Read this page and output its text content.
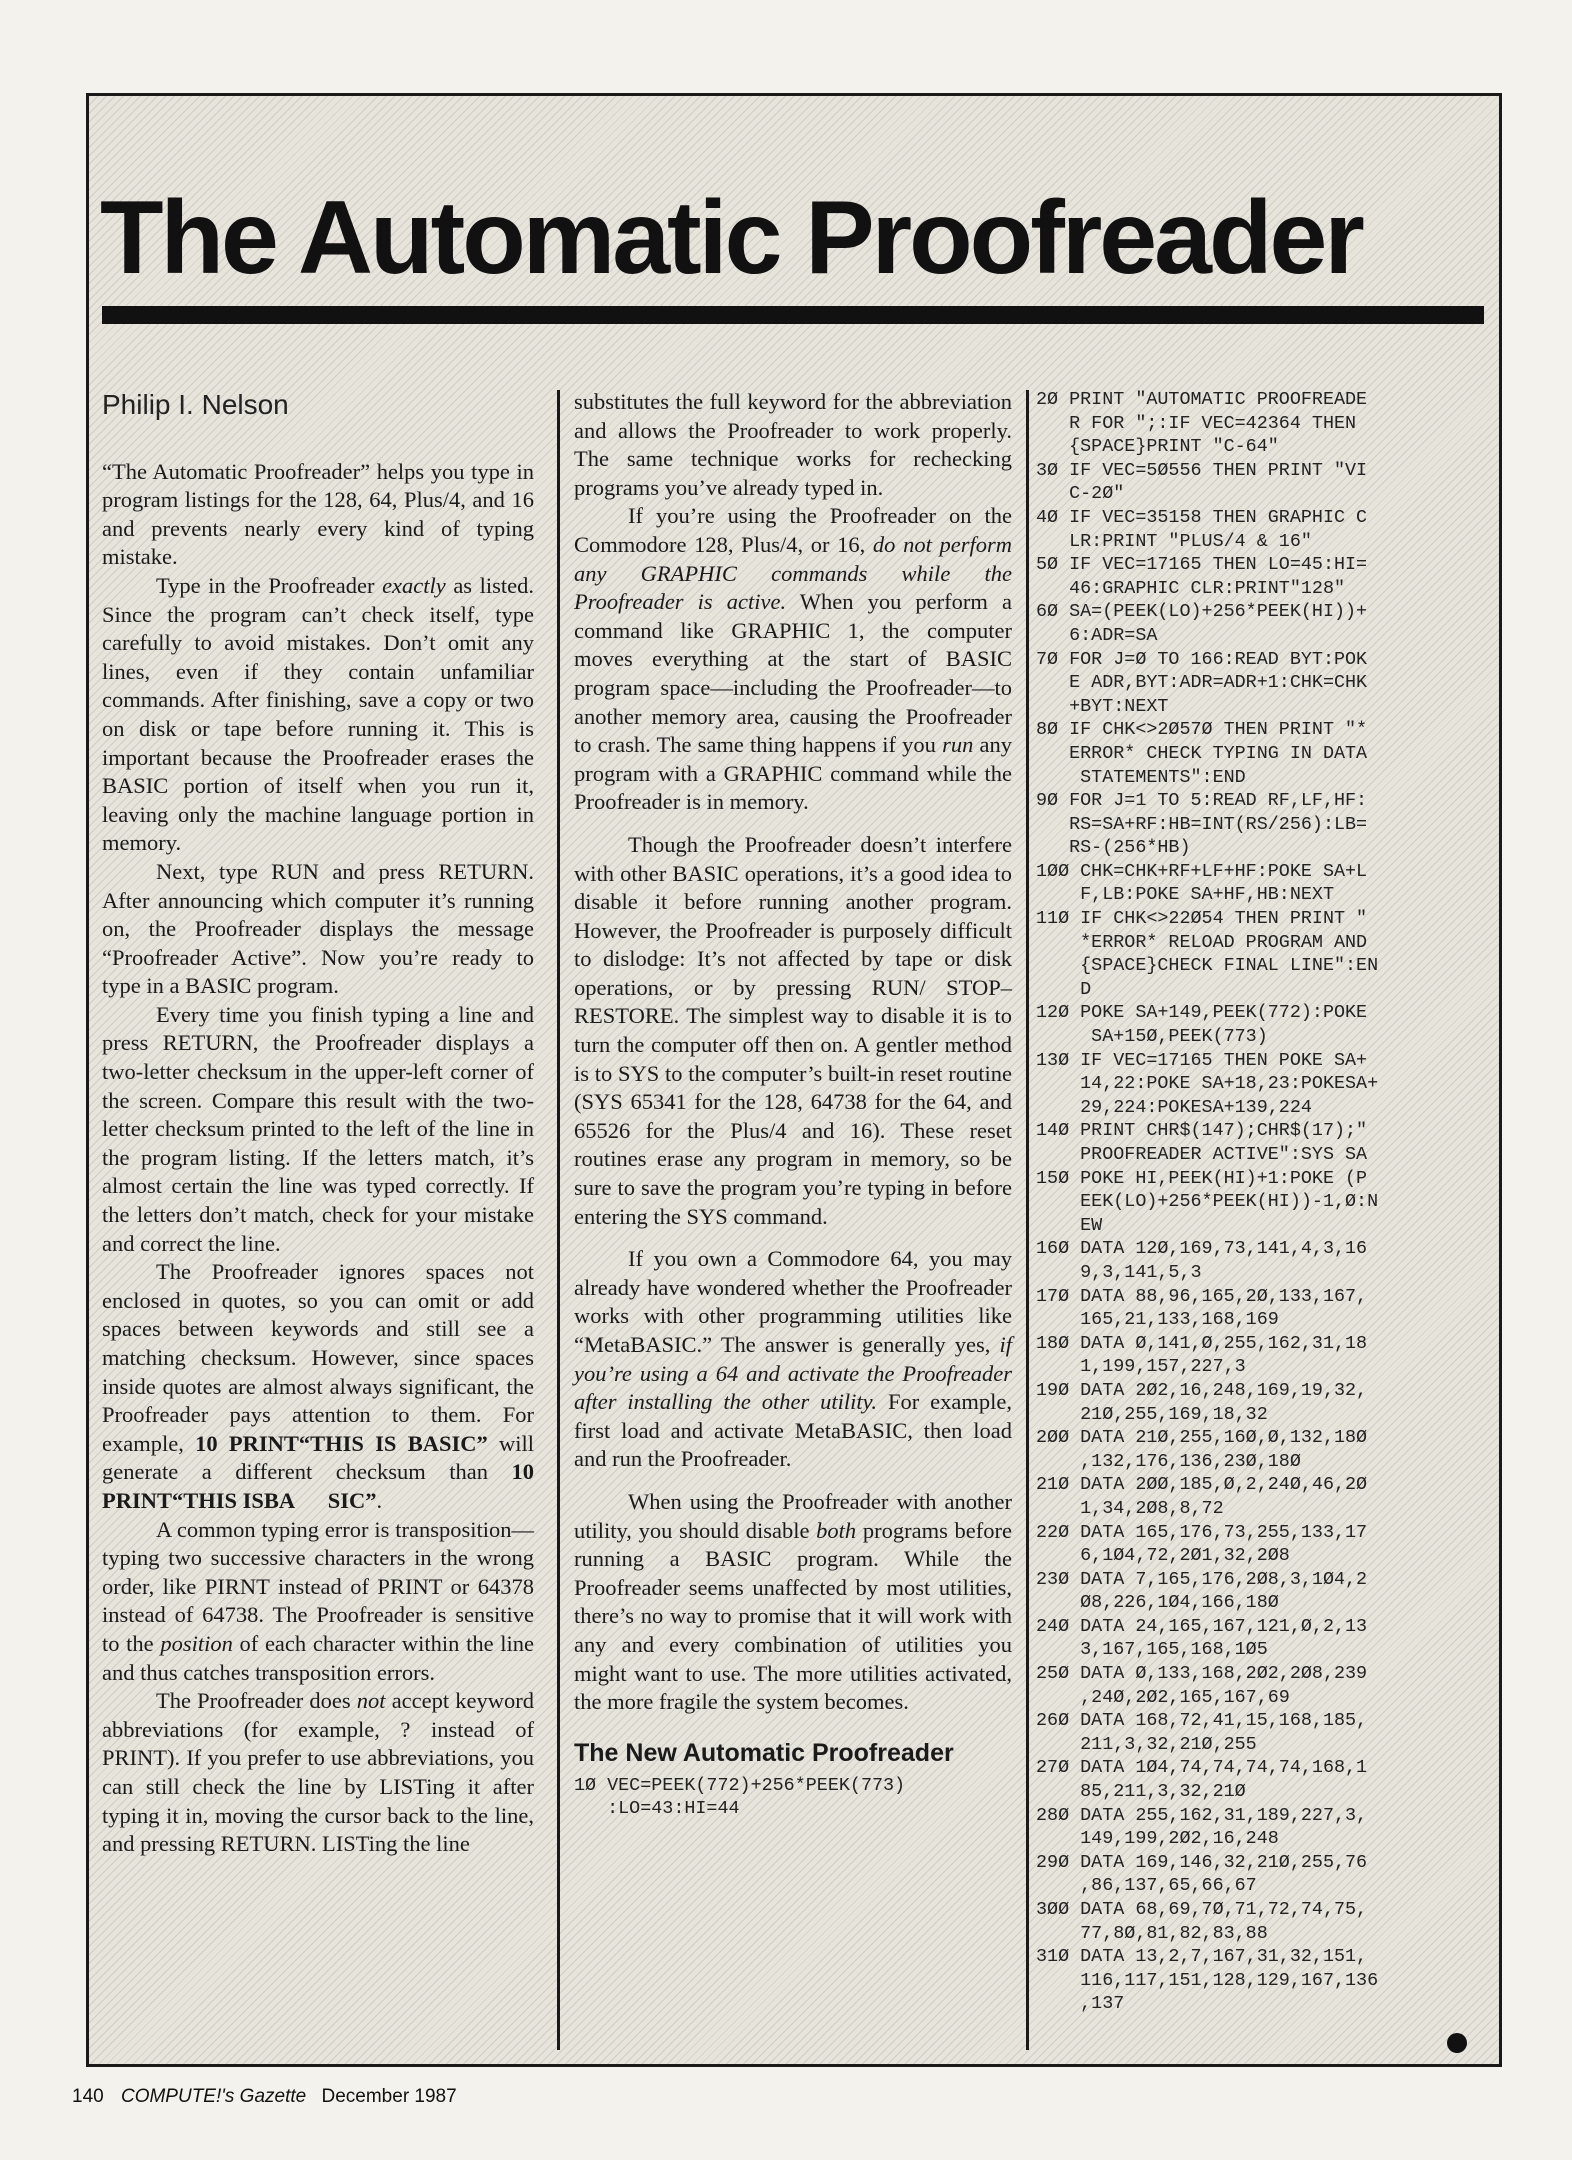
The Automatic Proofreader
Philip I. Nelson

“The Automatic Proofreader” helps you type in program listings for the 128, 64, Plus/4, and 16 and prevents nearly every kind of typing mistake.

Type in the Proofreader exactly as listed. Since the program can’t check itself, type carefully to avoid mistakes. Don’t omit any lines, even if they contain unfamiliar commands. After finishing, save a copy or two on disk or tape before running it. This is important because the Proofreader erases the BASIC portion of itself when you run it, leaving only the machine language portion in memory.

Next, type RUN and press RETURN. After announcing which computer it’s running on, the Proofreader displays the message “Proofreader Active”. Now you’re ready to type in a BASIC program.

Every time you finish typing a line and press RETURN, the Proofreader displays a two-letter checksum in the upper-left corner of the screen. Compare this result with the two-letter checksum printed to the left of the line in the program listing. If the letters match, it’s almost certain the line was typed correctly. If the letters don’t match, check for your mistake and correct the line.

The Proofreader ignores spaces not enclosed in quotes, so you can omit or add spaces between keywords and still see a matching checksum. However, since spaces inside quotes are almost always significant, the Proofreader pays attention to them. For example, 10 PRINT“THIS IS BASIC” will generate a different checksum than 10 PRINT“THIS ISBA      SIC”.

A common typing error is transposition—typing two successive characters in the wrong order, like PIRNT instead of PRINT or 64378 instead of 64738. The Proofreader is sensitive to the position of each character within the line and thus catches transposition errors.

The Proofreader does not accept keyword abbreviations (for example, ? instead of PRINT). If you prefer to use abbreviations, you can still check the line by LISTing it after typing it in, moving the cursor back to the line, and pressing RETURN. LISTing the line

substitutes the full keyword for the abbreviation and allows the Proofreader to work properly. The same technique works for rechecking programs you’ve already typed in.

If you’re using the Proofreader on the Commodore 128, Plus/4, or 16, do not perform any GRAPHIC commands while the Proofreader is active. When you perform a command like GRAPHIC 1, the computer moves everything at the start of BASIC program space—including the Proofreader—to another memory area, causing the Proofreader to crash. The same thing happens if you run any program with a GRAPHIC command while the Proofreader is in memory.

Though the Proofreader doesn’t interfere with other BASIC operations, it’s a good idea to disable it before running another program. However, the Proofreader is purposely difficult to dislodge: It’s not affected by tape or disk operations, or by pressing RUN/ STOP– RESTORE. The simplest way to disable it is to turn the computer off then on. A gentler method is to SYS to the computer’s built-in reset routine (SYS 65341 for the 128, 64738 for the 64, and 65526 for the Plus/4 and 16). These reset routines erase any program in memory, so be sure to save the program you’re typing in before entering the SYS command.

If you own a Commodore 64, you may already have wondered whether the Proofreader works with other programming utilities like “MetaBASIC.” The answer is generally yes, if you’re using a 64 and activate the Proofreader after installing the other utility. For example, first load and activate MetaBASIC, then load and run the Proofreader.

When using the Proofreader with another utility, you should disable both programs before running a BASIC program. While the Proofreader seems unaffected by most utilities, there’s no way to promise that it will work with any and every combination of utilities you might want to use. The more utilities activated, the more fragile the system becomes.

The New Automatic Proofreader
1Ø VEC=PEEK(772)+256*PEEK(773)
:LO=43:HI=44
2Ø PRINT "AUTOMATIC PROOFREADE
R FOR ";:IF VEC=42364 THEN
{SPACE}PRINT "C-64"
3Ø IF VEC=5Ø556 THEN PRINT "VI
C-2Ø"
4Ø IF VEC=35158 THEN GRAPHIC C
LR:PRINT "PLUS/4 & 16"
5Ø IF VEC=17165 THEN LO=45:HI=
46:GRAPHIC CLR:PRINT"128"
6Ø SA=(PEEK(LO)+256*PEEK(HI))+
6:ADR=SA
7Ø FOR J=Ø TO 166:READ BYT:POK
E ADR,BYT:ADR=ADR+1:CHK=CHK
+BYT:NEXT
8Ø IF CHK<>2Ø57Ø THEN PRINT "*
ERROR* CHECK TYPING IN DATA
STATEMENTS":END
9Ø FOR J=1 TO 5:READ RF,LF,HF:
RS=SA+RF:HB=INT(RS/256):LB=
RS-(256*HB)
1ØØ CHK=CHK+RF+LF+HF:POKE SA+L
F,LB:POKE SA+HF,HB:NEXT
11Ø IF CHK<>22Ø54 THEN PRINT "
*ERROR* RELOAD PROGRAM AND
{SPACE}CHECK FINAL LINE":EN
D
12Ø POKE SA+149,PEEK(772):POKE
SA+15Ø,PEEK(773)
13Ø IF VEC=17165 THEN POKE SA+
14,22:POKE SA+18,23:POKESA+
29,224:POKESA+139,224
14Ø PRINT CHR$(147);CHR$(17);"
PROOFREADER ACTIVE":SYS SA
15Ø POKE HI,PEEK(HI)+1:POKE (P
EEK(LO)+256*PEEK(HI))-1,Ø:N
EW
16Ø DATA 12Ø,169,73,141,4,3,16
9,3,141,5,3
17Ø DATA 88,96,165,2Ø,133,167,
165,21,133,168,169
18Ø DATA Ø,141,Ø,255,162,31,18
1,199,157,227,3
19Ø DATA 2Ø2,16,248,169,19,32,
21Ø,255,169,18,32
2ØØ DATA 21Ø,255,16Ø,Ø,132,18Ø
,132,176,136,23Ø,18Ø
21Ø DATA 2ØØ,185,Ø,2,24Ø,46,2Ø
1,34,2Ø8,8,72
22Ø DATA 165,176,73,255,133,17
6,1Ø4,72,2Ø1,32,2Ø8
23Ø DATA 7,165,176,2Ø8,3,1Ø4,2
Ø8,226,1Ø4,166,18Ø
24Ø DATA 24,165,167,121,Ø,2,13
3,167,165,168,1Ø5
25Ø DATA Ø,133,168,2Ø2,2Ø8,239
,24Ø,2Ø2,165,167,69
26Ø DATA 168,72,41,15,168,185,
211,3,32,21Ø,255
27Ø DATA 1Ø4,74,74,74,74,168,1
85,211,3,32,21Ø
28Ø DATA 255,162,31,189,227,3,
149,199,2Ø2,16,248
29Ø DATA 169,146,32,21Ø,255,76
,86,137,65,66,67
3ØØ DATA 68,69,7Ø,71,72,74,75,
77,8Ø,81,82,83,88
31Ø DATA 13,2,7,167,31,32,151,
116,117,151,128,129,167,136
,137
140 COMPUTE!'s Gazette December 1987
